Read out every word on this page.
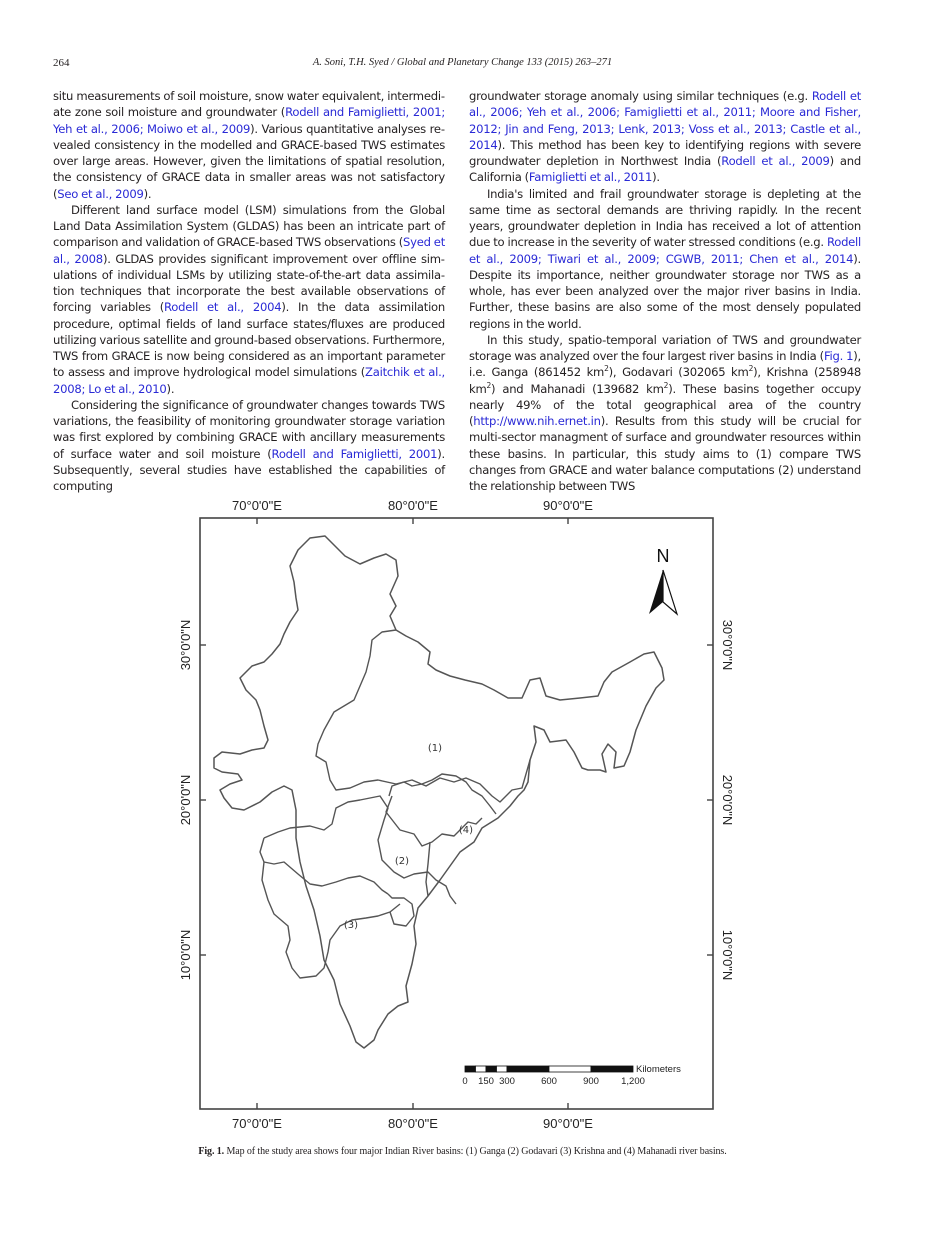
264	A. Soni, T.H. Syed / Global and Planetary Change 133 (2015) 263–271

situ measurements of soil moisture, snow water equivalent, intermediate zone soil moisture and groundwater (Rodell and Famiglietti, 2001; Yeh et al., 2006; Moiwo et al., 2009). Various quantitative analyses revealed consistency in the modelled and GRACE-based TWS estimates over large areas. However, given the limitations of spatial resolution, the consistency of GRACE data in smaller areas was not satisfactory (Seo et al., 2009).

Different land surface model (LSM) simulations from the Global Land Data Assimilation System (GLDAS) has been an intricate part of comparison and validation of GRACE-based TWS observations (Syed et al., 2008). GLDAS provides significant improvement over offline simulations of individual LSMs by utilizing state-of-the-art data assimilation techniques that incorporate the best available observations of forcing variables (Rodell et al., 2004). In the data assimilation procedure, optimal fields of land surface states/fluxes are produced utilizing various satellite and ground-based observations. Furthermore, TWS from GRACE is now being considered as an important parameter to assess and improve hydrological model simulations (Zaitchik et al., 2008; Lo et al., 2010).

Considering the significance of groundwater changes towards TWS variations, the feasibility of monitoring groundwater storage variation was first explored by combining GRACE with ancillary measurements of surface water and soil moisture (Rodell and Famiglietti, 2001). Subsequently, several studies have established the capabilities of computing

groundwater storage anomaly using similar techniques (e.g. Rodell et al., 2006; Yeh et al., 2006; Famiglietti et al., 2011; Moore and Fisher, 2012; Jin and Feng, 2013; Lenk, 2013; Voss et al., 2013; Castle et al., 2014). This method has been key to identifying regions with severe groundwater depletion in Northwest India (Rodell et al., 2009) and California (Famiglietti et al., 2011).

India's limited and frail groundwater storage is depleting at the same time as sectoral demands are thriving rapidly. In the recent years, groundwater depletion in India has received a lot of attention due to increase in the severity of water stressed conditions (e.g. Rodell et al., 2009; Tiwari et al., 2009; CGWB, 2011; Chen et al., 2014). Despite its importance, neither groundwater storage nor TWS as a whole, has ever been analyzed over the major river basins in India. Further, these basins are also some of the most densely populated regions in the world.

In this study, spatio-temporal variation of TWS and groundwater storage was analyzed over the four largest river basins in India (Fig. 1), i.e. Ganga (861452 $km^2$), Godavari (302065 $km^2$), Krishna (258948 $km^2$) and Mahanadi (139682 $km^2$). These basins together occupy nearly 49% of the total geographical area of the country (http://www.nih.ernet.in). Results from this study will be crucial for multi-sector managment of surface and groundwater resources within these basins. In particular, this study aims to (1) compare TWS changes from GRACE and water balance computations (2) understand the relationship between TWS

70°0'0"E	80°0'0"E	90°0'0"E
70°0'0"E	80°0'0"E	90°0'0"E
30°0'0"N
20°0'0"N
10°0'0"N
30°0'0"N
20°0'0"N
10°0'0"N
(1)
(2)
(3)
(4)
N
0 150 300	600	900 1,200
Kilometers
Fig. 1. Map of the study area shows four major Indian River basins: (1) Ganga (2) Godavari (3) Krishna and (4) Mahanadi river basins.
